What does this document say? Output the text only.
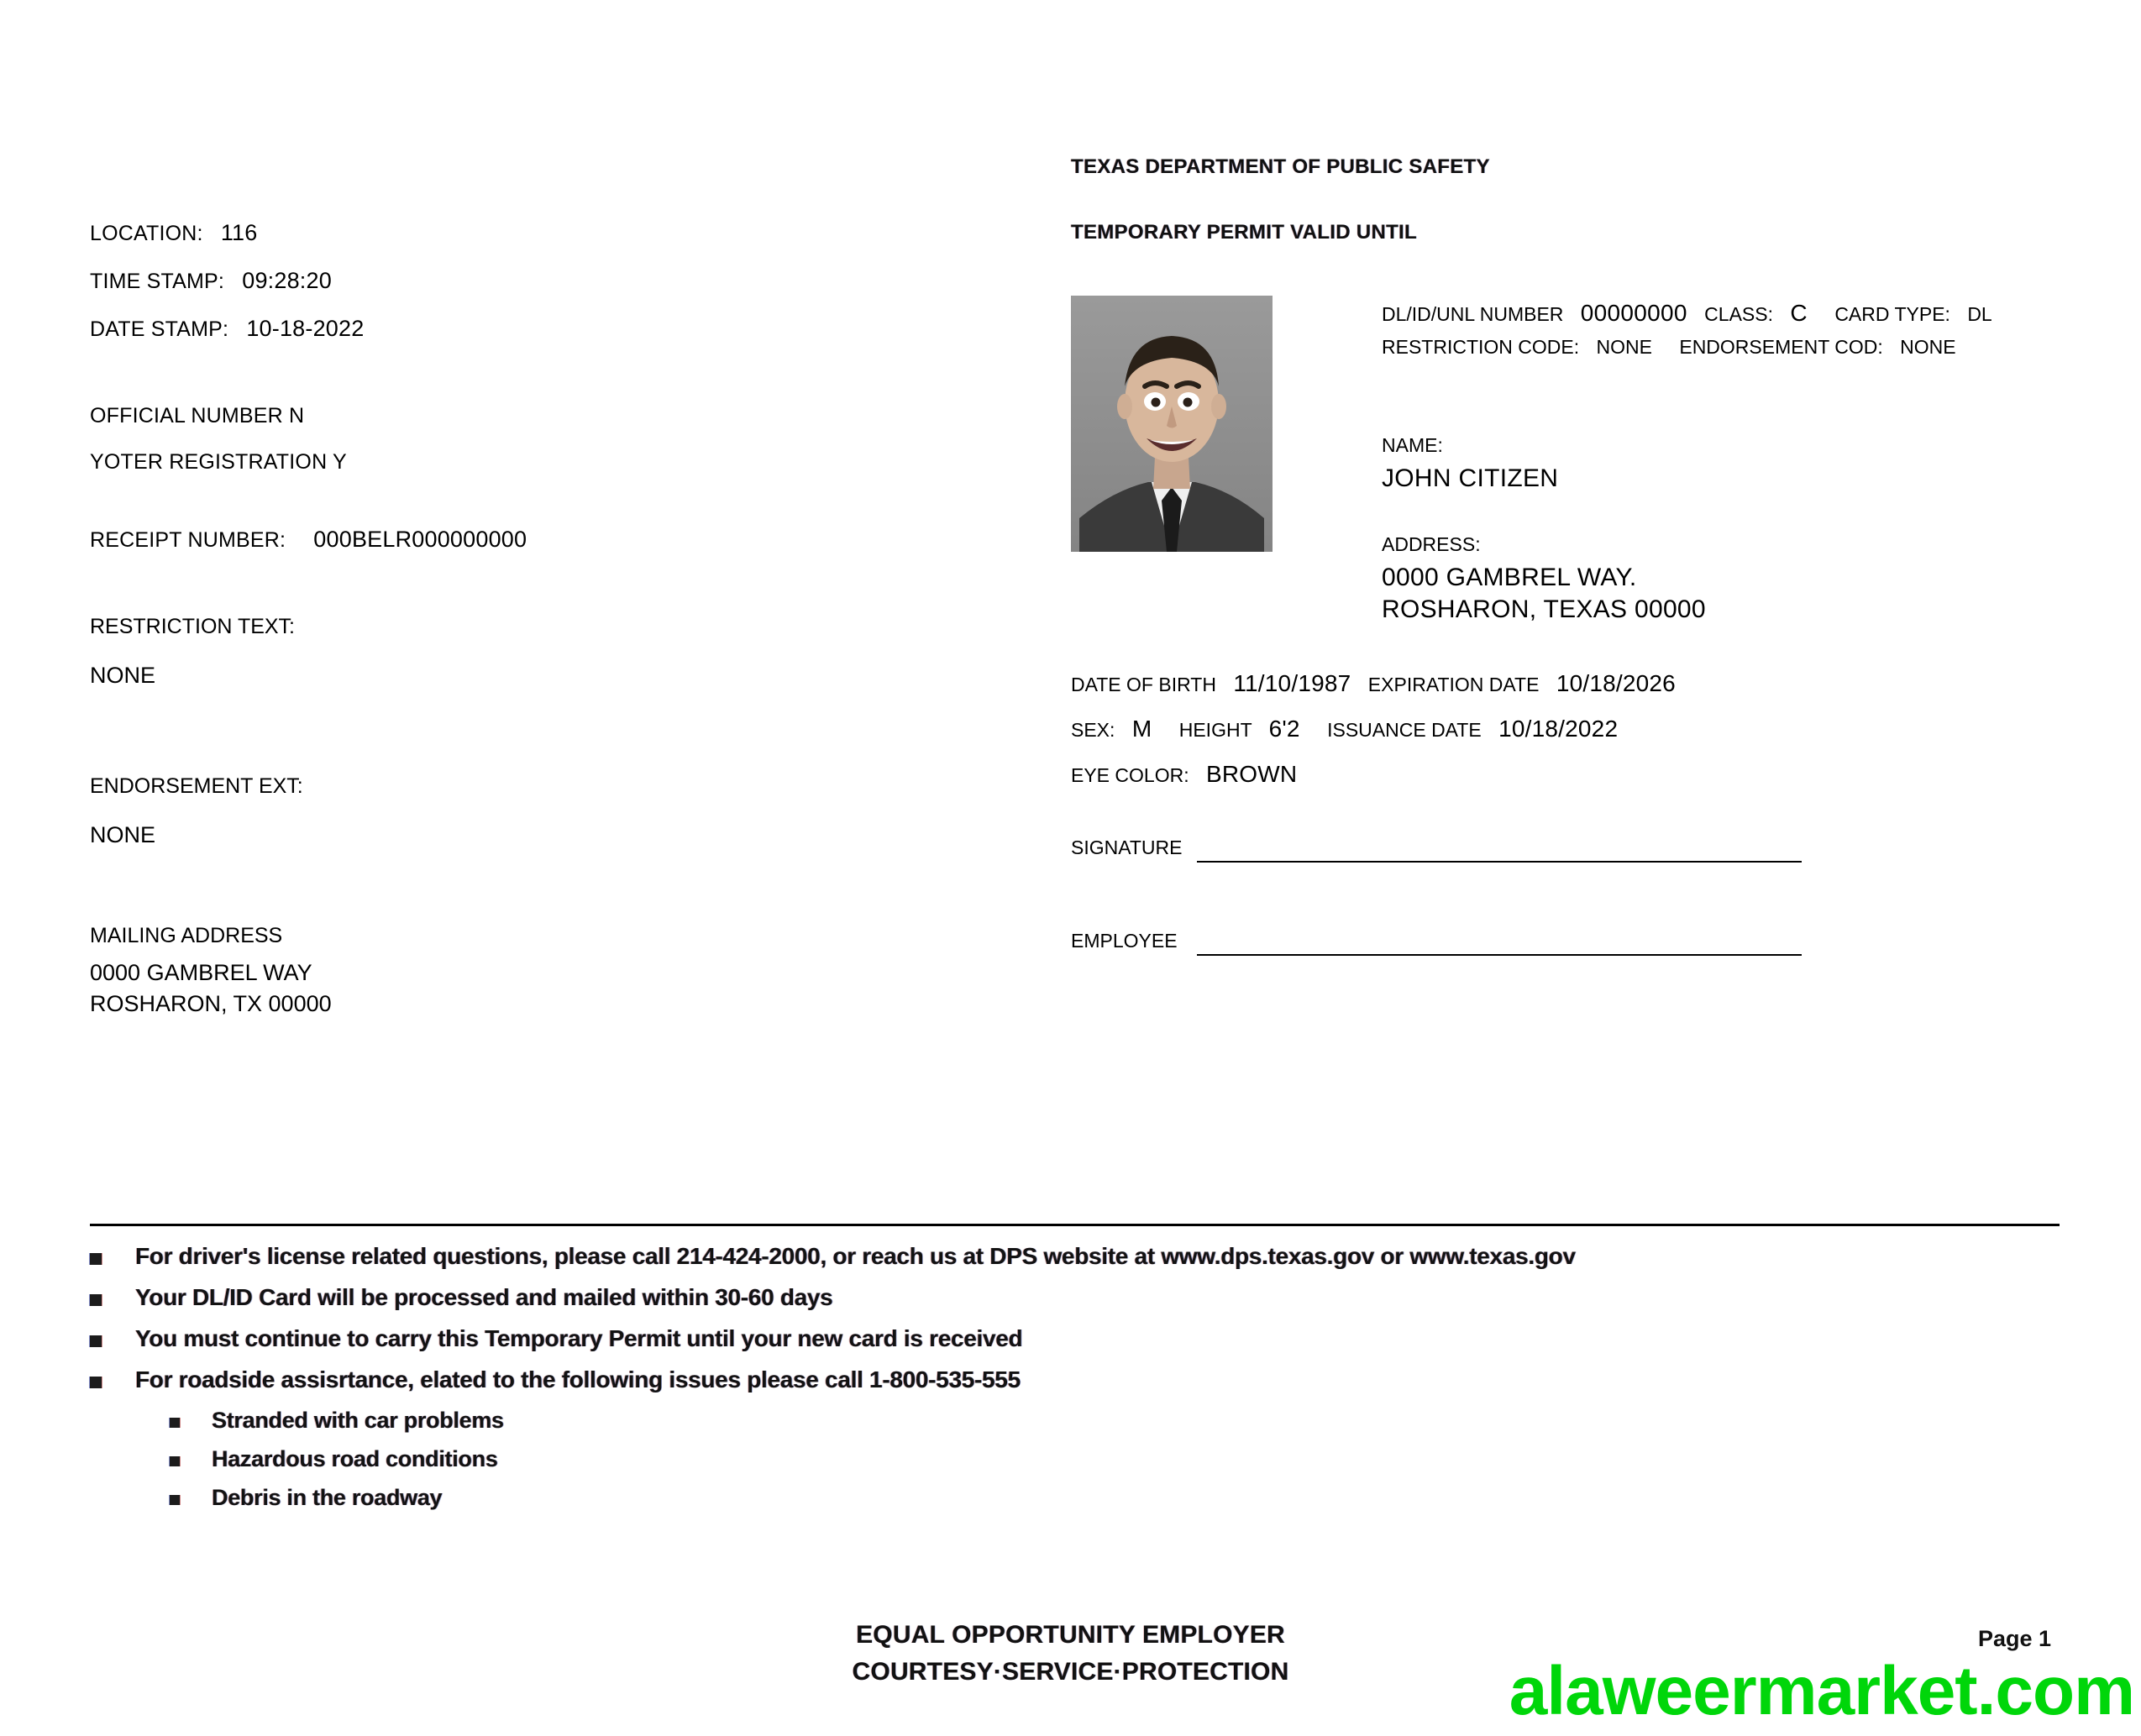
LOCATION: 116
TIME STAMP: 09:28:20
DATE STAMP: 10-18-2022
OFFICIAL NUMBER N
YOTER REGISTRATION Y
RECEIPT NUMBER: 000BELR000000000
RESTRICTION TEXT:
NONE
ENDORSEMENT EXT:
NONE
MAILING ADDRESS
0000 GAMBREL WAY
ROSHARON, TX 00000
TEXAS DEPARTMENT OF PUBLIC SAFETY
TEMPORARY PERMIT VALID UNTIL
DL/ID/UNL NUMBER 00000000 CLASS: C CARD TYPE: DL
RESTRICTION CODE: NONE ENDORSEMENT COD: NONE
NAME:
JOHN CITIZEN
ADDRESS:
0000 GAMBREL WAY.
ROSHARON, TEXAS 00000
DATE OF BIRTH 11/10/1987 EXPIRATION DATE 10/18/2026
SEX: M HEIGHT 6'2 ISSUANCE DATE 10/18/2022
EYE COLOR: BROWN
SIGNATURE
EMPLOYEE
For driver's license related questions, please call 214-424-2000, or reach us at DPS website at www.dps.texas.gov or www.texas.gov
Your DL/ID Card will be processed and mailed within 30-60 days
You must continue to carry this Temporary Permit until your new card is received
For roadside assisrtance, elated to the following issues please call 1-800-535-555
Stranded with car problems
Hazardous road conditions
Debris in the roadway
EQUAL OPPORTUNITY EMPLOYER
COURTESY·SERVICE·PROTECTION
Page 1
alaweermarket.com
